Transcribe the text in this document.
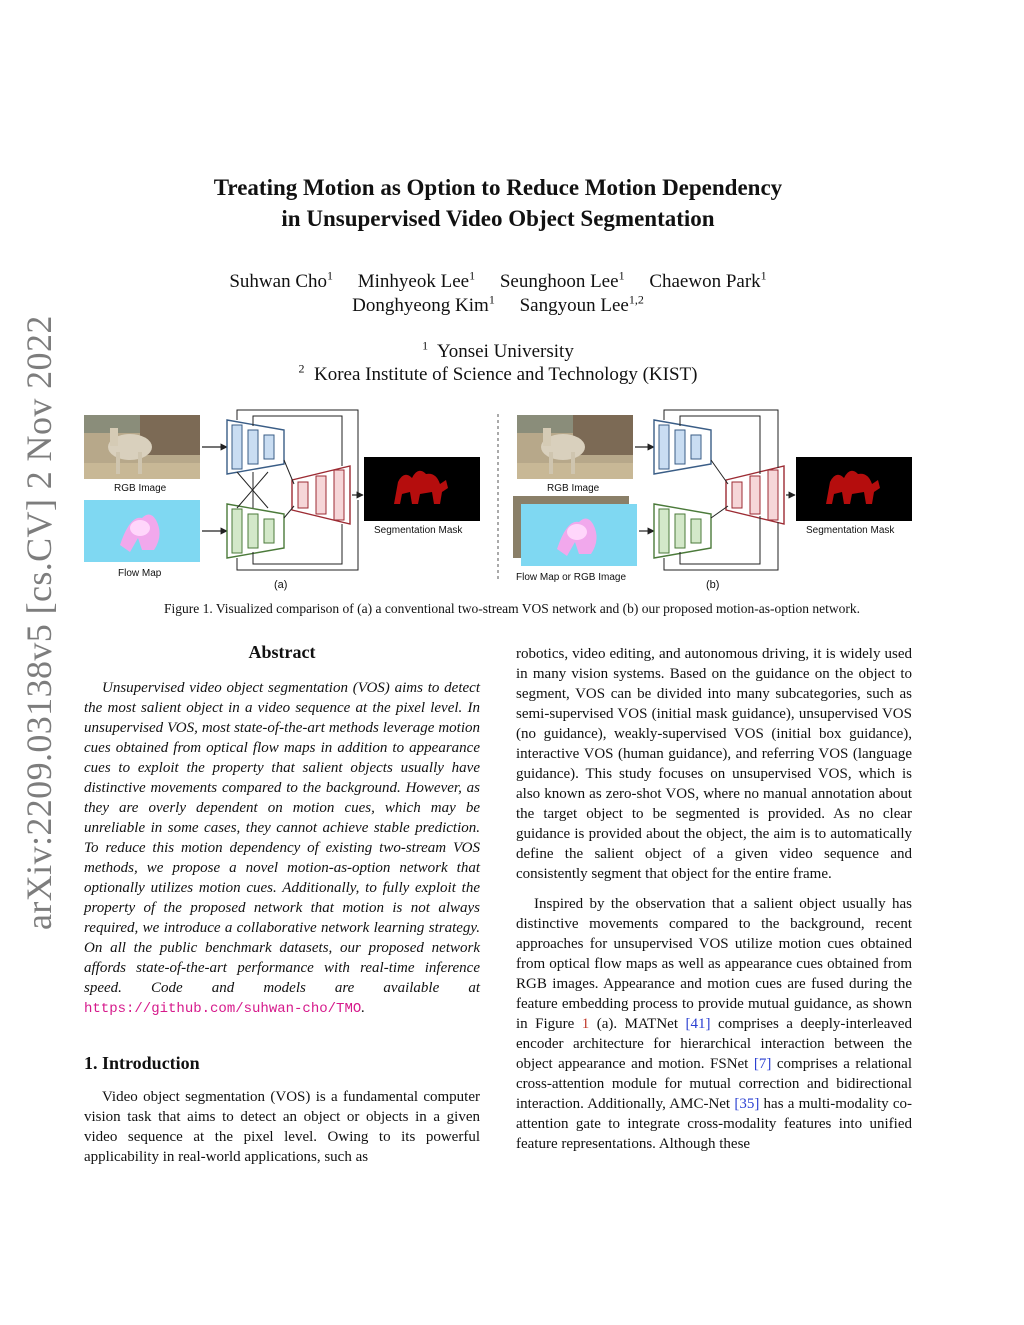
arXiv:2209.03138v5 [cs.CV] 2 Nov 2022
Treating Motion as Option to Reduce Motion Dependency
in Unsupervised Video Object Segmentation
Suhwan Cho$^1$ Minhyeok Lee$^1$ Seunghoon Lee$^1$ Chaewon Park$^1$
Donghyeong Kim$^1$ Sangyoun Lee$^{1,2}$
$^1$ Yonsei University
$^2$ Korea Institute of Science and Technology (KIST)
RGB Image
Flow Map
Segmentation Mask
(a)
RGB Image
Flow Map or RGB Image
Segmentation Mask
(b)
Figure 1. Visualized comparison of (a) a conventional two-stream VOS network and (b) our proposed motion-as-option network.
Abstract

Unsupervised video object segmentation (VOS) aims to detect the most salient object in a video sequence at the pixel level. In unsupervised VOS, most state-of-the-art methods leverage motion cues obtained from optical flow maps in addition to appearance cues to exploit the property that salient objects usually have distinctive movements compared to the background. However, as they are overly dependent on motion cues, which may be unreliable in some cases, they cannot achieve stable prediction. To reduce this motion dependency of existing two-stream VOS methods, we propose a novel motion-as-option network that optionally utilizes motion cues. Additionally, to fully exploit the property of the proposed network that motion is not always required, we introduce a collaborative network learning strategy. On all the public benchmark datasets, our proposed network affords state-of-the-art performance with real-time inference speed. Code and models are available at https://github.com/suhwan-cho/TMO.

1. Introduction

Video object segmentation (VOS) is a fundamental computer vision task that aims to detect an object or objects in a given video sequence at the pixel level. Owing to its powerful applicability in real-world applications, such as

robotics, video editing, and autonomous driving, it is widely used in many vision systems. Based on the guidance on the object to segment, VOS can be divided into many subcategories, such as semi-supervised VOS (initial mask guidance), unsupervised VOS (no guidance), weakly-supervised VOS (initial box guidance), interactive VOS (human guidance), and referring VOS (language guidance). This study focuses on unsupervised VOS, which is also known as zero-shot VOS, where no manual annotation about the target object to be segmented is provided. As no clear guidance is provided about the object, the aim is to automatically define the salient object of a given video sequence and consistently segment that object for the entire frame.

Inspired by the observation that a salient object usually has distinctive movements compared to the background, recent approaches for unsupervised VOS utilize motion cues obtained from optical flow maps as well as appearance cues obtained from RGB images. Appearance and motion cues are fused during the feature embedding process to provide mutual guidance, as shown in Figure 1 (a). MATNet [41] comprises a deeply-interleaved encoder architecture for hierarchical interaction between the object appearance and motion. FSNet [7] comprises a relational cross-attention module for mutual correction and bidirectional interaction. Additionally, AMC-Net [35] has a multi-modality co-attention gate to integrate cross-modality features into unified feature representations. Although these
